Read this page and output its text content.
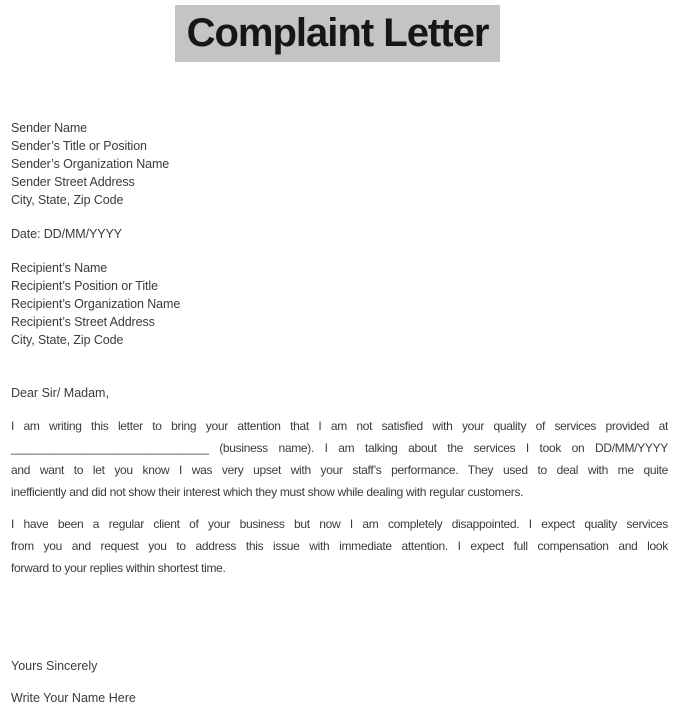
Complaint Letter
Sender Name
Sender’s Title or Position
Sender’s Organization Name
Sender Street Address
City, State, Zip Code
Date: DD/MM/YYYY
Recipient’s Name
Recipient’s Position or Title
Recipient’s Organization Name
Recipient’s Street Address
City, State, Zip Code
Dear Sir/ Madam,
I am writing this letter to bring your attention that I am not satisfied with your quality of services provided at
_______________________________ (business name). I am talking about the services I took on DD/MM/YYYY
and want to let you know I was very upset with your staff’s performance. They used to deal with me quite
inefficiently and did not show their interest which they must show while dealing with regular customers.
I have been a regular client of your business but now I am completely disappointed. I expect quality services
from you and request you to address this issue with immediate attention. I expect full compensation and look
forward to your replies within shortest time.
Yours Sincerely
Write Your Name Here
